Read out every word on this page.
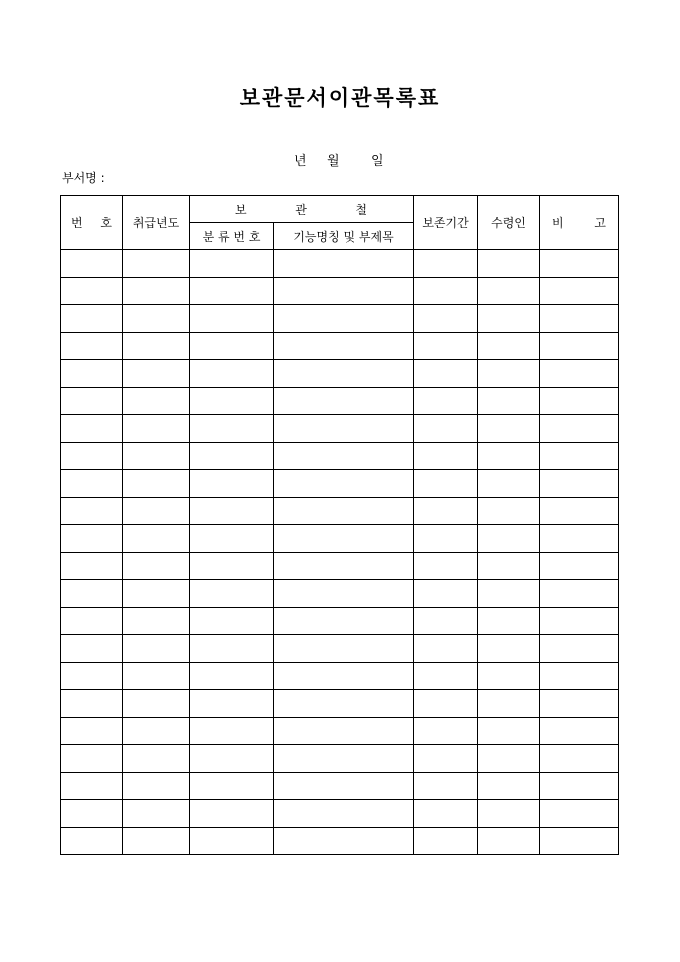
보관문서이관목록표
년 월 일
부서명 :
번 호	취급년도	보 관 철		보존기간	수령인	비 고

		분 류 번 호	기능명칭 및 부제목			
